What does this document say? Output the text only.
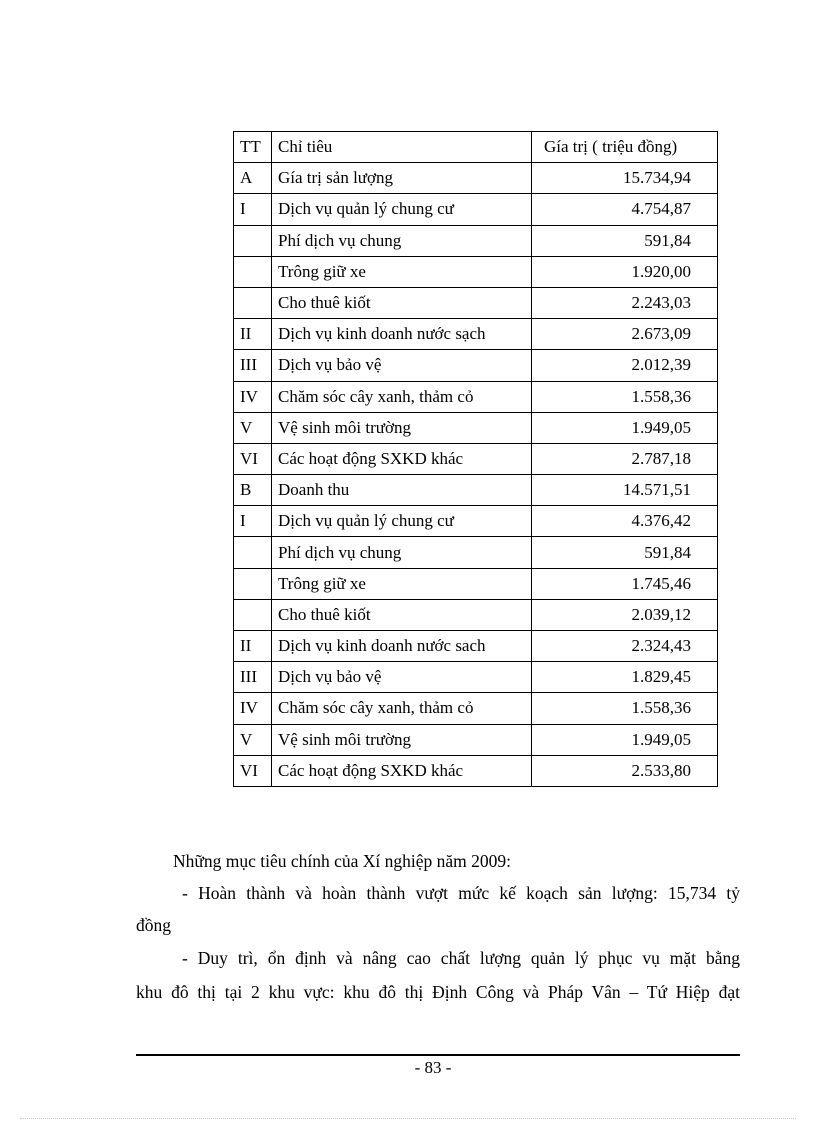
TT	Chỉ tiêu	Gía trị ( triệu đồng)
A	Gía trị sản lượng	15.734,94
I	Dịch vụ quản lý chung cư	4.754,87
	Phí dịch vụ chung	591,84
	Trông giữ xe	1.920,00
	Cho thuê kiốt	2.243,03
II	Dịch vụ kinh doanh nước sạch	2.673,09
III	Dịch vụ bảo vệ	2.012,39
IV	Chăm sóc cây xanh, thảm cỏ	1.558,36
V	Vệ sinh môi trường	1.949,05
VI	Các hoạt động SXKD khác	2.787,18
B	Doanh thu	14.571,51
I	Dịch vụ quản lý chung cư	4.376,42
	Phí dịch vụ chung	591,84
	Trông giữ xe	1.745,46
	Cho thuê kiốt	2.039,12
II	Dịch vụ kinh doanh nước sach	2.324,43
III	Dịch vụ bảo vệ	1.829,45
IV	Chăm sóc cây xanh, thảm cỏ	1.558,36
V	Vệ sinh môi trường	1.949,05
VI	Các hoạt động SXKD khác	2.533,80
Những mục tiêu chính của Xí nghiệp năm 2009:
- Hoàn thành và hoàn thành vượt mức kế koạch sản lượng: 15,734 tỷ
đồng
- Duy trì, ổn định và nâng cao chất lượng quản lý phục vụ mặt bằng
khu đô thị tại 2 khu vực: khu đô thị Định Công và Pháp Vân – Tứ Hiệp đạt
- 83 -
